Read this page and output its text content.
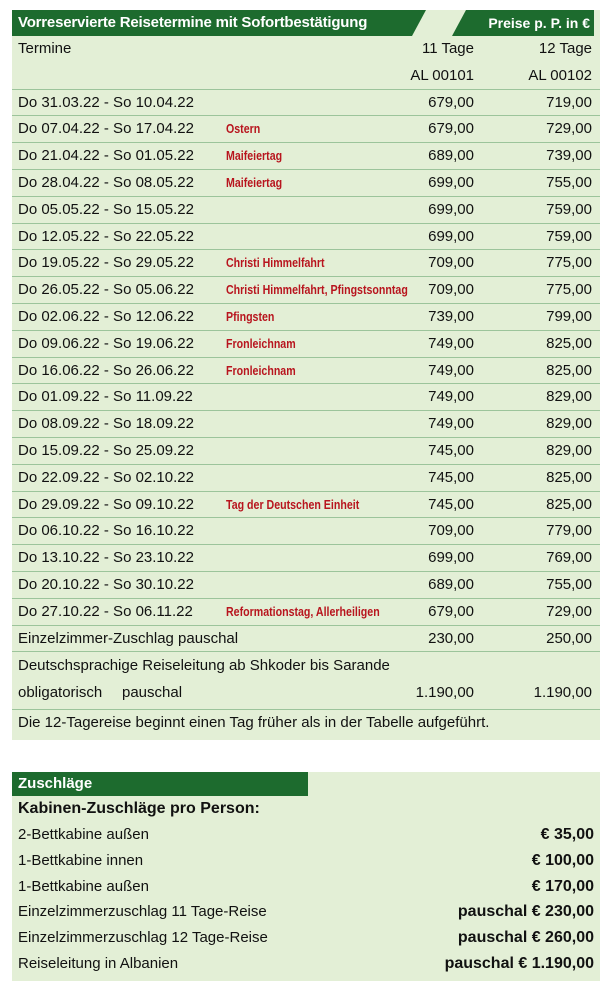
Vorreservierte Reisetermine mit Sofortbestätigung	Preise p. P. in €
Termine	11 Tage	12 Tage
AL 00101	AL 00102
Do 31.03.22 - So 10.04.22	679,00	719,00
Do 07.04.22 - So 17.04.22	Ostern	679,00	729,00
Do 21.04.22 - So 01.05.22	Maifeiertag	689,00	739,00
Do 28.04.22 - So 08.05.22	Maifeiertag	699,00	755,00
Do 05.05.22 - So 15.05.22	699,00	759,00
Do 12.05.22 - So 22.05.22	699,00	759,00
Do 19.05.22 - So 29.05.22	Christi Himmelfahrt	709,00	775,00
Do 26.05.22 - So 05.06.22	Christi Himmelfahrt, Pfingstsonntag 709,00	775,00
Do 02.06.22 - So 12.06.22	Pfingsten	739,00	799,00
Do 09.06.22 - So 19.06.22	Fronleichnam	749,00	825,00
Do 16.06.22 - So 26.06.22	Fronleichnam	749,00	825,00
Do 01.09.22 - So 11.09.22	749,00	829,00
Do 08.09.22 - So 18.09.22	749,00	829,00
Do 15.09.22 - So 25.09.22	745,00	829,00
Do 22.09.22 - So 02.10.22	745,00	825,00
Do 29.09.22 - So 09.10.22	Tag der Deutschen Einheit	745,00	825,00
Do 06.10.22 - So 16.10.22	709,00	779,00
Do 13.10.22 - So 23.10.22	699,00	769,00
Do 20.10.22 - So 30.10.22	689,00	755,00
Do 27.10.22 - So 06.11.22	Reformationstag, Allerheiligen	679,00	729,00
Einzelzimmer-Zuschlag pauschal	230,00	250,00
Deutschsprachige Reiseleitung ab Shkoder bis Sarande
obligatorisch pauschal	1.190,00	1.190,00
Die 12-Tagereise beginnt einen Tag früher als in der Tabelle aufgeführt.
Zuschläge
Kabinen-Zuschläge pro Person:
2-Bettkabine außen	€ 35,00
1-Bettkabine innen	€ 100,00
1-Bettkabine außen	€ 170,00
Einzelzimmerzuschlag 11 Tage-Reise	pauschal € 230,00
Einzelzimmerzuschlag 12 Tage-Reise	pauschal € 260,00
Reiseleitung in Albanien	pauschal € 1.190,00
